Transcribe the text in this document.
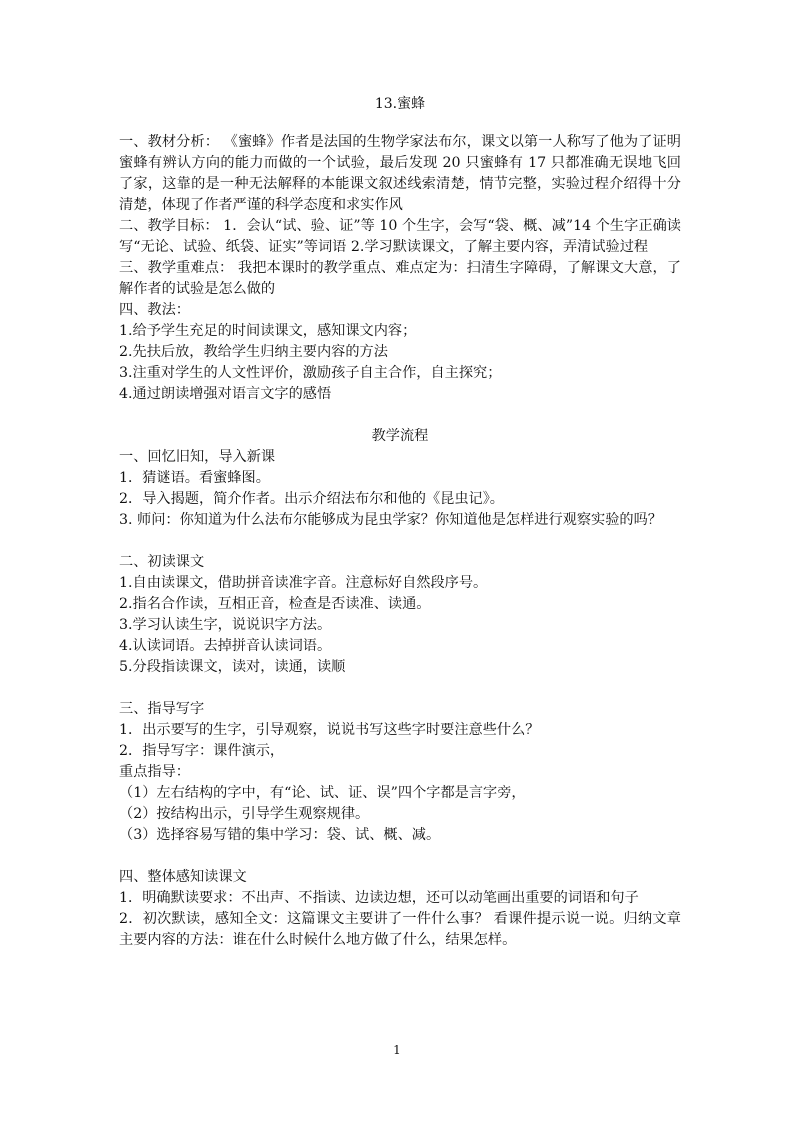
13.蜜蜂

一、教材分析： 《蜜蜂》作者是法国的生物学家法布尔，课文以第一人称写了他为了证明蜜蜂有辨认方向的能力而做的一个试验，最后发现 20 只蜜蜂有 17 只都准确无误地飞回了家，这靠的是一种无法解释的本能课文叙述线索清楚，情节完整，实验过程介绍得十分清楚，体现了作者严谨的科学态度和求实作风

二、教学目标： 1．会认“试、验、证”等 10 个生字，会写“袋、概、减”14 个生字正确读写“无论、试验、纸袋、证实”等词语 2.学习默读课文，了解主要内容，弄清试验过程

三、教学重难点： 我把本课时的教学重点、难点定为：扫清生字障碍，了解课文大意，了解作者的试验是怎么做的

四、教法：

1.给予学生充足的时间读课文，感知课文内容；

2.先扶后放，教给学生归纳主要内容的方法

3.注重对学生的人文性评价，激励孩子自主合作，自主探究；

4.通过朗读增强对语言文字的感悟

教学流程

一、回忆旧知，导入新课

1．猜谜语。看蜜蜂图。

2．导入揭题，简介作者。出示介绍法布尔和他的《昆虫记》。

3. 师问：你知道为什么法布尔能够成为昆虫学家？你知道他是怎样进行观察实验的吗？

二、初读课文

1.自由读课文，借助拼音读准字音。注意标好自然段序号。

2.指名合作读，互相正音，检查是否读准、读通。

3.学习认读生字，说说识字方法。

4.认读词语。去掉拼音认读词语。

5.分段指读课文，读对，读通，读顺

三、指导写字

1．出示要写的生字，引导观察，说说书写这些字时要注意些什么？

2．指导写字：课件演示，

重点指导：

（1）左右结构的字中，有“论、试、证、误”四个字都是言字旁，

（2）按结构出示，引导学生观察规律。

（3）选择容易写错的集中学习：袋、试、概、减。

四、整体感知读课文

1．明确默读要求：不出声、不指读、边读边想，还可以动笔画出重要的词语和句子

2．初次默读，感知全文：这篇课文主要讲了一件什么事？ 看课件提示说一说。归纳文章主要内容的方法：谁在什么时候什么地方做了什么，结果怎样。

1
